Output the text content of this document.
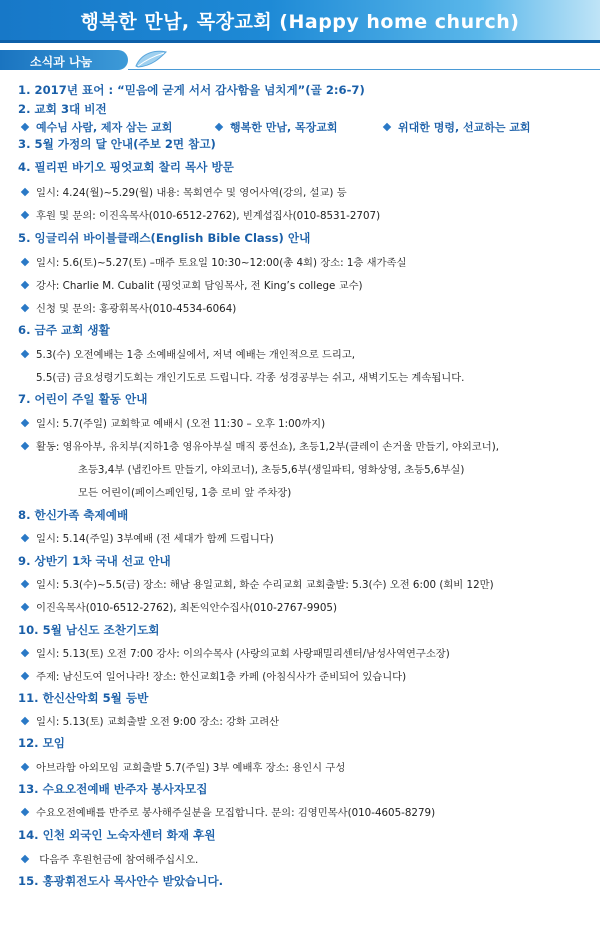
행복한 만남, 목장교회 (Happy home church)
소식과 나눔
1. 2017년 표어 : “믿음에 굳게 서서 감사함을 넘치게”(골 2:6-7)
2. 교회 3대 비전
예수님 사람, 제자 삼는 교회	행복한 만남, 목장교회	위대한 명령, 선교하는 교회
3. 5월 가정의 달 안내(주보 2면 참고)
4. 필리핀 바기오 핑엇교회 찰리 목사 방문
일시: 4.24(월)~5.29(월) 내용: 목회연수 및 영어사역(강의, 설교) 등
후원 및 문의: 이진옥목사(010-6512-2762), 빈계섭집사(010-8531-2707)
5. 잉글리쉬 바이블클래스(English Bible Class) 안내
일시: 5.6(토)~5.27(토) –매주 토요일 10:30~12:00(총 4회) 장소: 1층 새가족실
강사: Charlie M. Cubalit (핑엇교회 담임목사, 전 King’s college 교수)
신청 및 문의: 홍광휘목사(010-4534-6064)
6. 금주 교회 생활
5.3(수) 오전예배는 1층 소예배실에서, 저녁 예배는 개인적으로 드리고,
5.5(금) 금요성령기도회는 개인기도로 드립니다. 각종 성경공부는 쉬고, 새벽기도는 계속됩니다.
7. 어린이 주일 활동 안내
일시: 5.7(주일) 교회학교 예배시 (오전 11:30 – 오후 1:00까지)
활동: 영유아부, 유치부(지하1층 영유아부실 매직 풍선쇼), 초등1,2부(클레이 손거울 만들기, 야외코너),
초등3,4부 (냅킨아트 만들기, 야외코너), 초등5,6부(생일파티, 영화상영, 초등5,6부실)
모든 어린이(페이스페인팅, 1층 로비 앞 주차장)
8. 한신가족 축제예배
일시: 5.14(주일) 3부예배 (전 세대가 함께 드립니다)
9. 상반기 1차 국내 선교 안내
일시: 5.3(수)~5.5(금) 장소: 해남 용일교회, 화순 수리교회 교회출발: 5.3(수) 오전 6:00 (회비 12만)
이진옥목사(010-6512-2762), 최돈익안수집사(010-2767-9905)
10. 5월 남신도 조찬기도회
일시: 5.13(토) 오전 7:00 강사: 이의수목사 (사랑의교회 사랑패밀리센터/남성사역연구소장)
주제: 남신도여 일어나라! 장소: 한신교회1층 카페 (아침식사가 준비되어 있습니다)
11. 한신산악회 5월 등반
일시: 5.13(토) 교회출발 오전 9:00 장소: 강화 고려산
12. 모임
아브라함 아외모임 교회출발 5.7(주일) 3부 예배후 장소: 용인시 구성
13. 수요오전예배 반주자 봉사자모집
수요오전예배를 반주로 봉사해주실분을 모집합니다. 문의: 김영민목사(010-4605-8279)
14. 인천 외국인 노숙자센터 화재 후원
다음주 후원헌금에 참여해주십시오.
15. 홍광휘전도사 목사안수 받았습니다.
